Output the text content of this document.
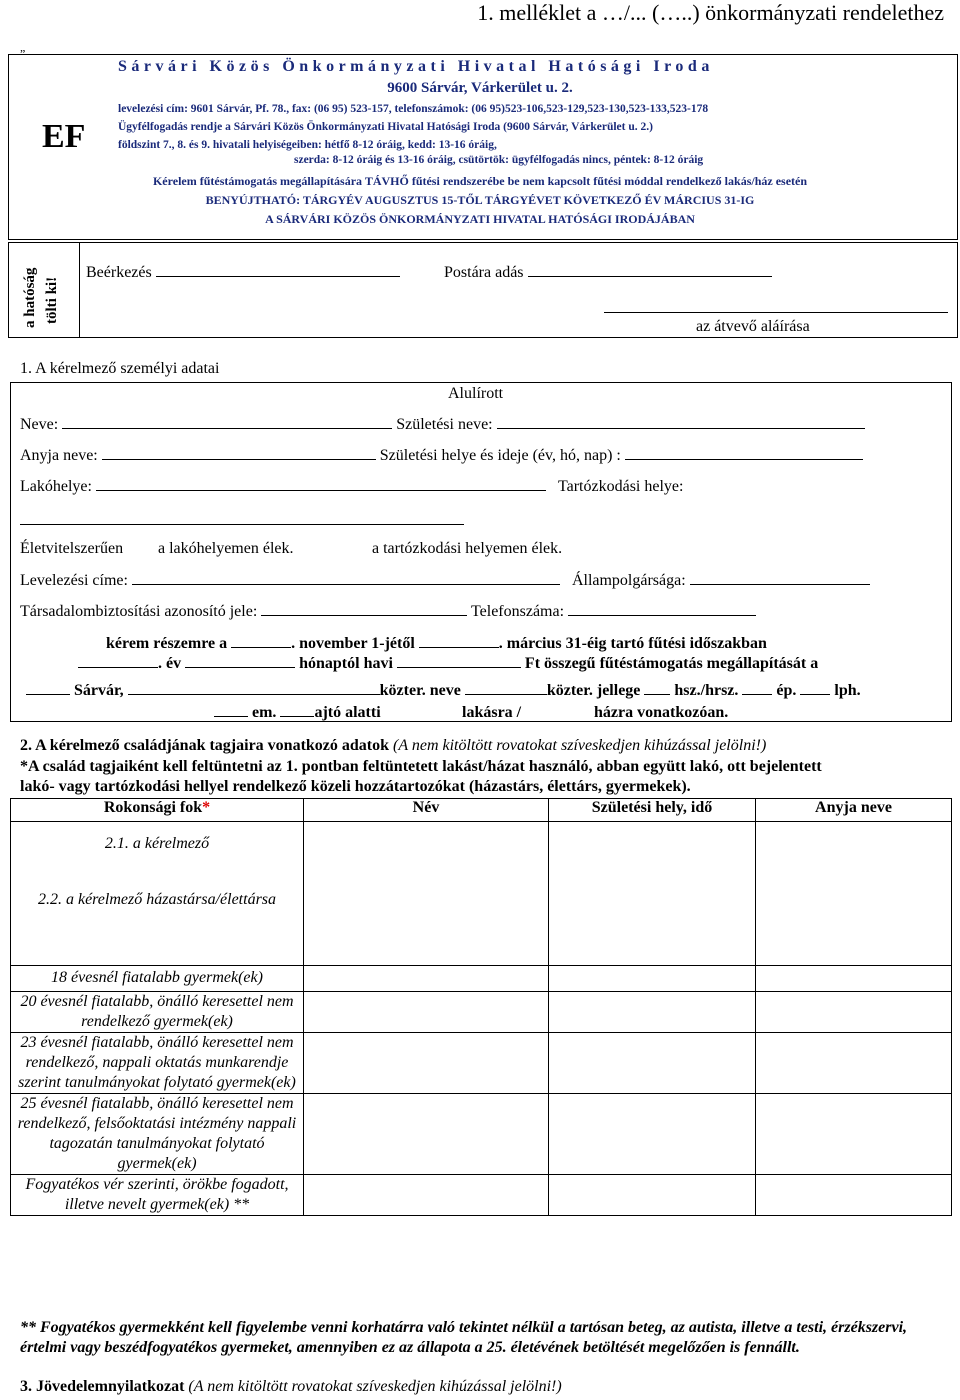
1. melléklet a …/... (…..) önkormányzati rendelethez
„
EF
Sárvári Közös Önkormányzati Hivatal Hatósági Iroda
9600 Sárvár, Várkerület u. 2.
levelezési cím: 9601 Sárvár, Pf. 78., fax: (06 95) 523-157, telefonszámok: (06 95)523-106,523-129,523-130,523-133,523-178
Ügyfélfogadás rendje a Sárvári Közös Önkormányzati Hivatal Hatósági Iroda (9600 Sárvár, Várkerület u. 2.)
földszint 7., 8. és 9. hivatali helyiségeiben: hétfő 8-12 óráig, kedd: 13-16 óráig,
szerda: 8-12 óráig és 13-16 óráig, csütörtök: ügyfélfogadás nincs, péntek: 8-12 óráig
Kérelem fűtéstámogatás megállapítására TÁVHŐ fűtési rendszerébe be nem kapcsolt fűtési móddal rendelkező lakás/ház esetén
BENYÚJTHATÓ: TÁRGYÉV AUGUSZTUS 15-TŐL TÁRGYÉVET KÖVETKEZŐ ÉV MÁRCIUS 31-IG
A SÁRVÁRI KÖZÖS ÖNKORMÁNYZATI HIVATAL HATÓSÁGI IRODÁJÁBAN
a hatóság tölti ki!
Beérkezés	Postára adás
az átvevő aláírása
1. A kérelmező személyi adatai
Alulírott
Neve:	Születési neve:
Anyja neve:	Születési helye és ideje (év, hó, nap) :
Lakóhelye:	Tartózkodási helye:
Életvitelszerűen a lakóhelyemen élek.	a tartózkodási helyemen élek.
Levelezési címe:	Állampolgársága:
Társadalombiztosítási azonosító jele:	Telefonszáma:
kérem részemre a	. november 1-jétől	. március 31-éig tartó fűtési időszakban
. év	hónaptól havi	Ft összegű fűtéstámogatás megállapítását a
Sárvár,	közter. neve	közter. jellege hsz./hrsz. ép. lph.
em. ajtó alatti	lakásra /	házra vonatkozóan.
2. A kérelmező családjának tagjaira vonatkozó adatok (A nem kitöltött rovatokat szíveskedjen kihúzással jelölni!)
*A család tagjaiként kell feltüntetni az 1. pontban feltüntetett lakást/házat használó, abban együtt lakó, ott bejelentett
lakó- vagy tartózkodási hellyel rendelkező közeli hozzátartozókat (házastárs, élettárs, gyermekek).
Rokonsági fok*	Név	Születési hely, idő	Anyja neve

2.1. a kérelmező			

2.2. a kérelmező házastársa/élettársa			

18 évesnél fiatalabb gyermek(ek)			

20 évesnél fiatalabb, önálló keresettel nem rendelkező gyermek(ek)			

23 évesnél fiatalabb, önálló keresettel nem rendelkező, nappali oktatás munkarendje szerint tanulmányokat folytató gyermek(ek)			

25 évesnél fiatalabb, önálló keresettel nem rendelkező, felsőoktatási intézmény nappali tagozatán tanulmányokat folytató gyermek(ek)			

Fogyatékos vér szerinti, örökbe fogadott, illetve nevelt gyermek(ek) **			

** Fogyatékos gyermekként kell figyelembe venni korhatárra való tekintet nélkül a tartósan beteg, az autista, illetve a testi, érzékszervi, értelmi vagy beszédfogyatékos gyermeket, amennyiben ez az állapota a 25. életévének betöltését megelőzően is fennállt.
3. Jövedelemnyilatkozat (A nem kitöltött rovatokat szíveskedjen kihúzással jelölni!)
